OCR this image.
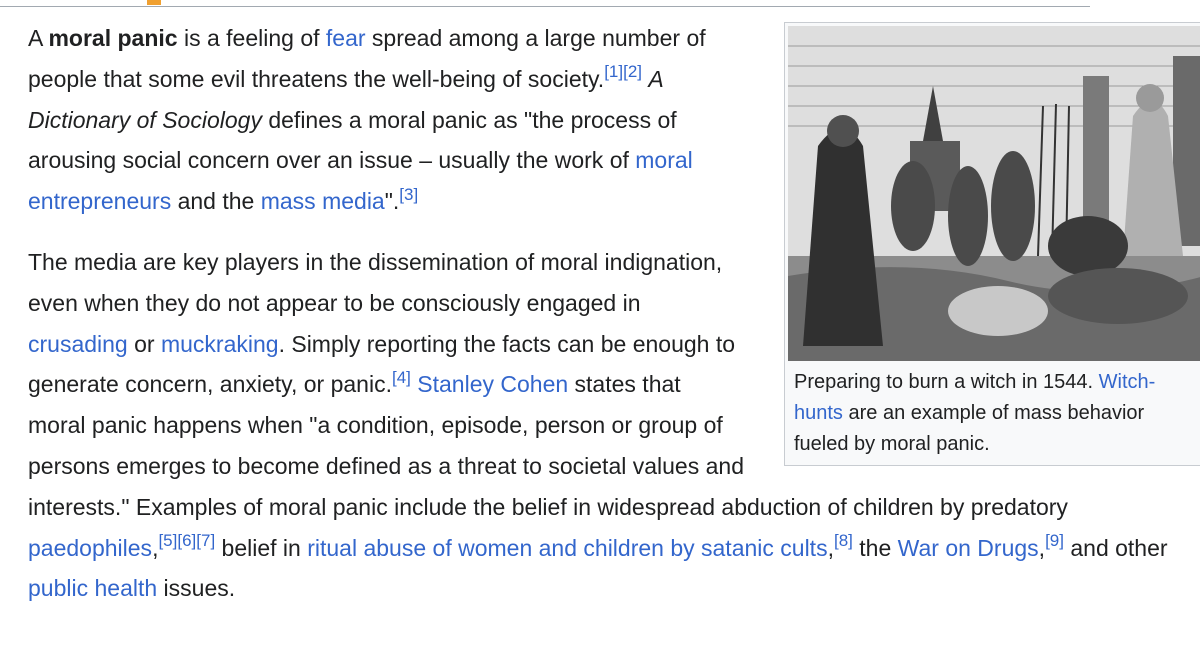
Preparing to burn a witch in 1544. Witch-hunts are an example of mass behavior fueled by moral panic.

A moral panic is a feeling of fear spread among a large number of people that some evil threatens the well-being of society.[1][2] A Dictionary of Sociology defines a moral panic as "the process of arousing social concern over an issue – usually the work of moral entrepreneurs and the mass media".[3]

The media are key players in the dissemination of moral indignation, even when they do not appear to be consciously engaged in crusading or muckraking. Simply reporting the facts can be enough to generate concern, anxiety, or panic.[4] Stanley Cohen states that moral panic happens when "a condition, episode, person or group of persons emerges to become defined as a threat to societal values and interests." Examples of moral panic include the belief in widespread abduction of children by predatory paedophiles,[5][6][7] belief in ritual abuse of women and children by satanic cults,[8] the War on Drugs,[9] and other public health issues.
